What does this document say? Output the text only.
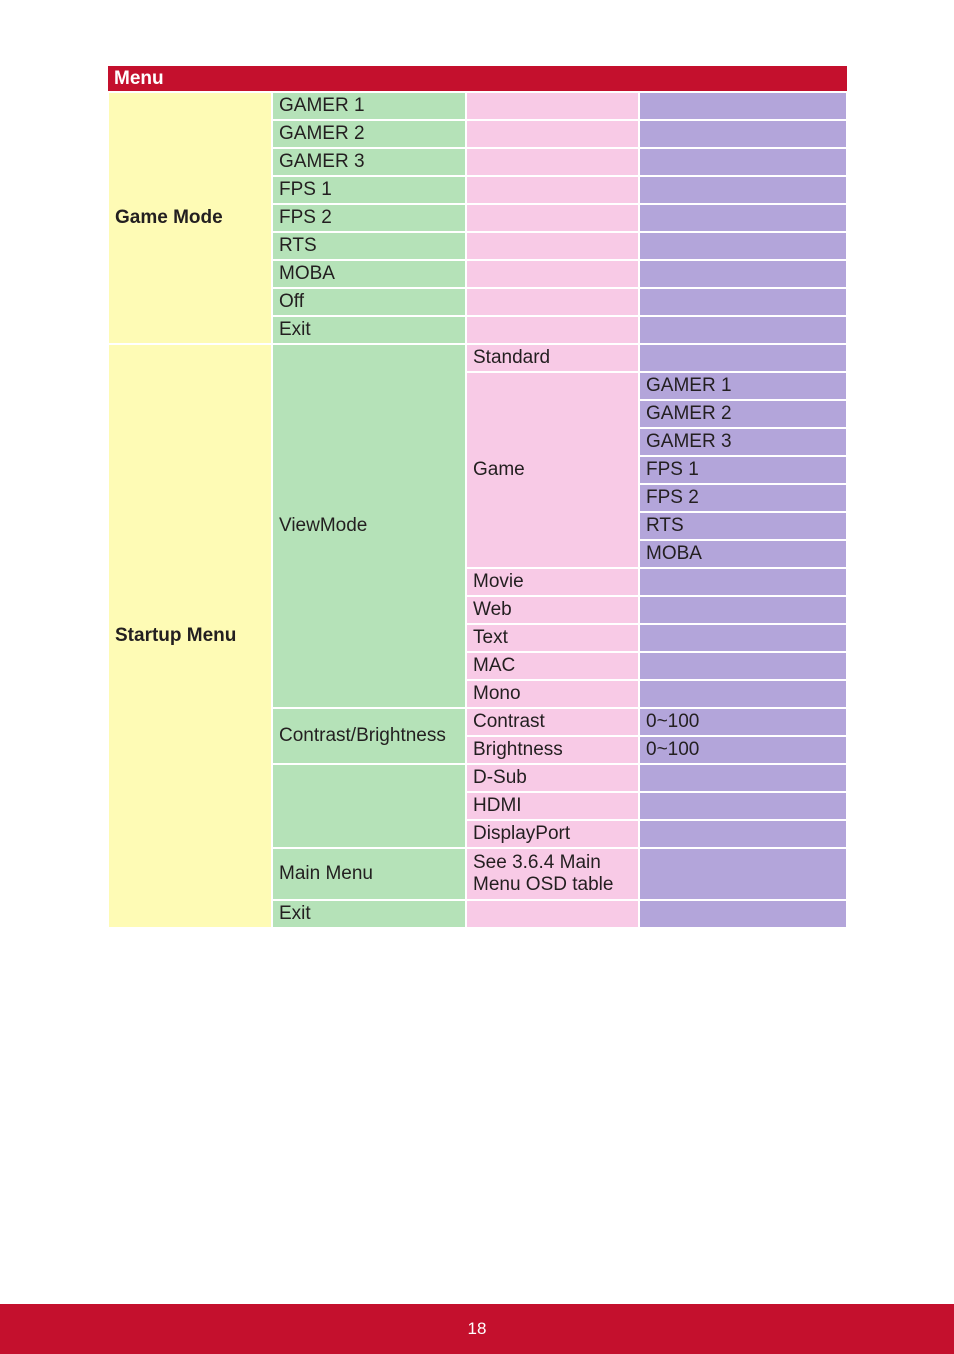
Menu			
Game Mode	GAMER 1		
	GAMER 2		
	GAMER 3		
	FPS 1		
	FPS 2		
	RTS		
	MOBA		
	Off		
	Exit		
Startup Menu	ViewMode	Standard	
		Game	GAMER 1
			GAMER 2
			GAMER 3
			FPS 1
			FPS 2
			RTS
			MOBA
		Movie	
		Web	
		Text	
		MAC	
		Mono	
	Contrast/Brightness	Contrast	0~100
		Brightness	0~100
		D-Sub	
		HDMI	
		DisplayPort	
	Main Menu	See 3.6.4 Main Menu OSD table	
	Exit		
18
